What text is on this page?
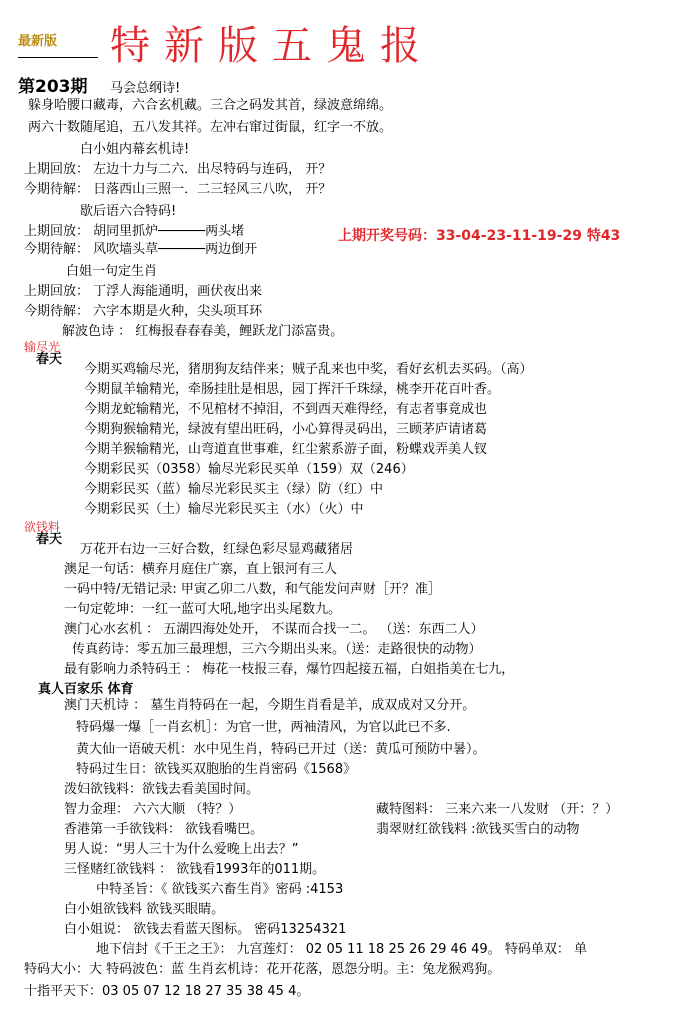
最新版 特新版五鬼报
第203期 马会总纲诗!
躲身哈腰口藏毒，六合玄机藏。三合之码发其首，绿波意绵绵。
两六十数随尾追，五八发其祥。左冲右窜过街鼠，红字一不放。
白小姐内幕玄机诗!
上期回放： 左边十力与二六．出尽特码与连码， 开？
今期待解： 日落西山三照一．二三轻风三八吹， 开？
歇后语六合特码!
上期回放： 胡同里抓炉──────两头堵
今期待解： 风吹墙头草──────两边倒开
上期开奖号码：33-04-23-11-19-29 特43
白姐一句定生肖
上期回放： 丁浮人海能通明，画伏夜出来
今期待解： 六字本期是火种，尖头项耳环
解波色诗 ： 红梅报春春春美，鲤跃龙门添富贵。
输尽光
春天
今期买鸡输尽光，猪朋狗友结伴来；贼子乱来也中奖，看好玄机去买码。（高）
今期鼠羊输精光，牵肠挂肚是相思，园丁挥汗千珠绿，桃李开花百叶香。
今期龙蛇输精光，不见棺材不掉泪，不到西天难得经，有志者事竟成也
今期狗猴输精光，绿波有望出旺码，小心算得灵码出，三顾茅庐请诸葛
今期羊猴输精光，山弯道直世事难，红尘萦系游子面，粉蝶戏弄美人钗
今期彩民买（0358）输尽光彩民买单（159）双（246）
今期彩民买（蓝）输尽光彩民买主（绿）防（红）中
今期彩民买（土）输尽光彩民买主（水）（火）中
欲钱料
春天
万花开右边一三好合数，红绿色彩尽显鸡藏猪居
澳足一句话：横弃月庭住广寨，直上银河有三人
一码中特/无错记录: 甲寅乙卯二八数，和气能发问声财［开？准］
一句定乾坤：一红一蓝可大吼,地字出头尾数九。
澳门心水玄机 ： 五湖四海处处开， 不谋而合找一二。 （送：东西二人）
传真药诗：零五加三最理想，三六今期出头来。（送：走路很快的动物）
最有影响力杀特码王 ： 梅花一枝报三春，爆竹四起接五福，白姐指美在七九，
真人百家乐 体育
澳门天机诗 ： 墓生肖特码在一起，今期生肖看是羊，成双成对又分开。
特码爆一爆［一肖玄机］：为官一世，两袖清风，为官以此已不多.
黄大仙一语破天机：水中见生肖，特码已开过（送：黄瓜可预防中暑）。
特码过生日：欲钱买双胞胎的生肖密码《1568》
泼妇欲钱料：欲钱去看美国时间。
智力金理： 六六大顺 （特？）	藏特图料： 三来六来一八发财 （开：？）
香港第一手欲钱料： 欲钱看嘴巴。	翡翠财红欲钱料 :欲钱买雪白的动物
男人说：“男人三十为什么爱晚上出去？”
三怪赌红欲钱料 ： 欲钱看1993年的011期。
中特圣旨：《 欲钱买六畜生肖》密码 :4153
白小姐欲钱料 欲钱买眼睛。
白小姐说： 欲钱去看蓝天图标。 密码13254321
地下信封《千王之王》： 九宫莲灯： 02 05 11 18 25 26 29 46 49。 特码单双： 单
特码大小：大 特码波色：蓝 生肖玄机诗：花开花落，恩怨分明。主：兔龙猴鸡狗。
十指平天下：03 05 07 12 18 27 35 38 45 4。
